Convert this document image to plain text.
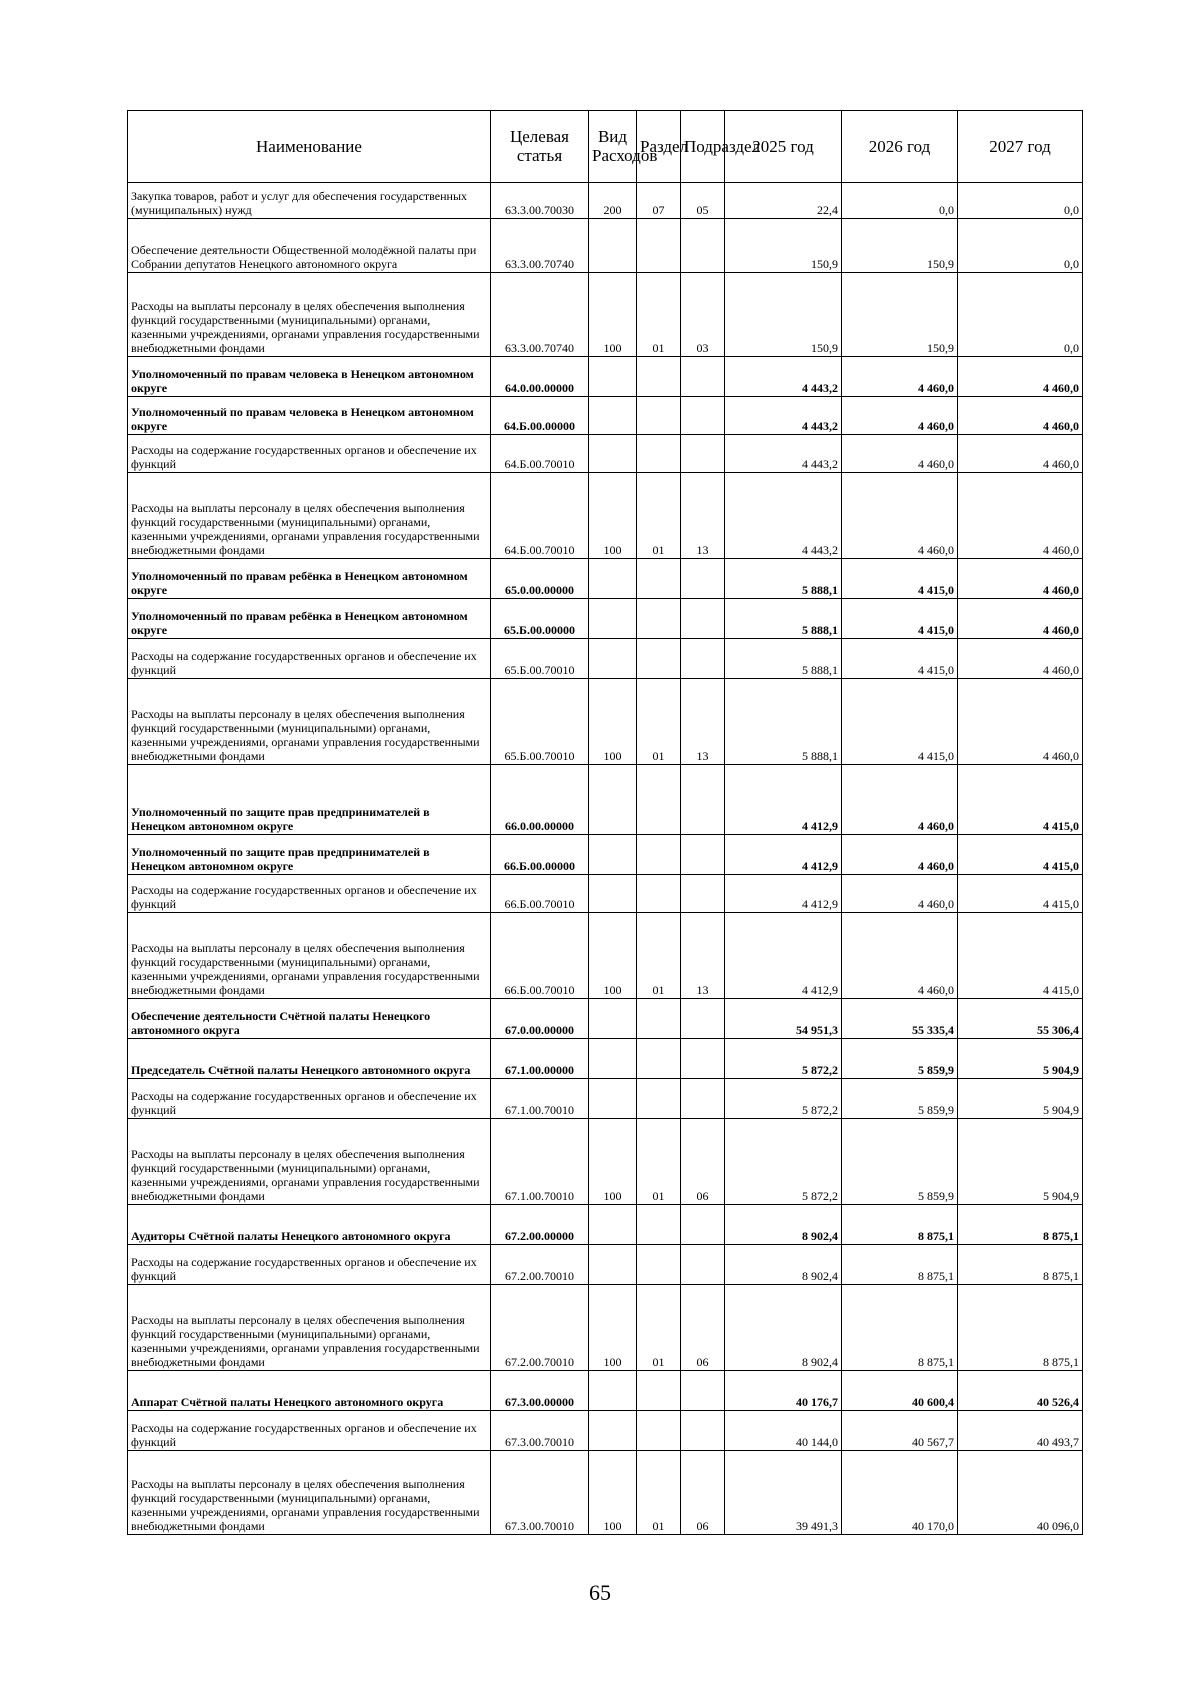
Наименование	Целевая статья	Вид Расходов	Раздел	Подраздел	2025 год	2026 год	2027 год
Закупка товаров, работ и услуг для обеспечения государственных (муниципальных) нужд	63.3.00.70030	200	07	05	22,4	0,0	0,0
Обеспечение деятельности Общественной молодёжной палаты при Собрании депутатов Ненецкого автономного округа	63.3.00.70740				150,9	150,9	0,0
Расходы на выплаты персоналу в целях обеспечения выполнения функций государственными (муниципальными) органами, казенными учреждениями, органами управления государственными внебюджетными фондами	63.3.00.70740	100	01	03	150,9	150,9	0,0
Уполномоченный по правам человека в Ненецком автономном округе	64.0.00.00000				4 443,2	4 460,0	4 460,0
Уполномоченный по правам человека в Ненецком автономном округе	64.Б.00.00000				4 443,2	4 460,0	4 460,0
Расходы на содержание государственных органов и обеспечение их функций	64.Б.00.70010				4 443,2	4 460,0	4 460,0
Расходы на выплаты персоналу в целях обеспечения выполнения функций государственными (муниципальными) органами, казенными учреждениями, органами управления государственными внебюджетными фондами	64.Б.00.70010	100	01	13	4 443,2	4 460,0	4 460,0
Уполномоченный по правам ребёнка в Ненецком автономном округе	65.0.00.00000				5 888,1	4 415,0	4 460,0
Уполномоченный по правам ребёнка в Ненецком автономном округе	65.Б.00.00000				5 888,1	4 415,0	4 460,0
Расходы на содержание государственных органов и обеспечение их функций	65.Б.00.70010				5 888,1	4 415,0	4 460,0
Расходы на выплаты персоналу в целях обеспечения выполнения функций государственными (муниципальными) органами, казенными учреждениями, органами управления государственными внебюджетными фондами	65.Б.00.70010	100	01	13	5 888,1	4 415,0	4 460,0
Уполномоченный по защите прав предпринимателей в Ненецком автономном округе	66.0.00.00000				4 412,9	4 460,0	4 415,0
Уполномоченный по защите прав предпринимателей в Ненецком автономном округе	66.Б.00.00000				4 412,9	4 460,0	4 415,0
Расходы на содержание государственных органов и обеспечение их функций	66.Б.00.70010				4 412,9	4 460,0	4 415,0
Расходы на выплаты персоналу в целях обеспечения выполнения функций государственными (муниципальными) органами, казенными учреждениями, органами управления государственными внебюджетными фондами	66.Б.00.70010	100	01	13	4 412,9	4 460,0	4 415,0
Обеспечение деятельности Счётной палаты Ненецкого автономного округа	67.0.00.00000				54 951,3	55 335,4	55 306,4
Председатель Счётной палаты Ненецкого автономного округа	67.1.00.00000				5 872,2	5 859,9	5 904,9
Расходы на содержание государственных органов и обеспечение их функций	67.1.00.70010				5 872,2	5 859,9	5 904,9
Расходы на выплаты персоналу в целях обеспечения выполнения функций государственными (муниципальными) органами, казенными учреждениями, органами управления государственными внебюджетными фондами	67.1.00.70010	100	01	06	5 872,2	5 859,9	5 904,9
Аудиторы Счётной палаты Ненецкого автономного округа	67.2.00.00000				8 902,4	8 875,1	8 875,1
Расходы на содержание государственных органов и обеспечение их функций	67.2.00.70010				8 902,4	8 875,1	8 875,1
Расходы на выплаты персоналу в целях обеспечения выполнения функций государственными (муниципальными) органами, казенными учреждениями, органами управления государственными внебюджетными фондами	67.2.00.70010	100	01	06	8 902,4	8 875,1	8 875,1
Аппарат Счётной палаты Ненецкого автономного округа	67.3.00.00000				40 176,7	40 600,4	40 526,4
Расходы на содержание государственных органов и обеспечение их функций	67.3.00.70010				40 144,0	40 567,7	40 493,7
Расходы на выплаты персоналу в целях обеспечения выполнения функций государственными (муниципальными) органами, казенными учреждениями, органами управления государственными внебюджетными фондами	67.3.00.70010	100	01	06	39 491,3	40 170,0	40 096,0
65
